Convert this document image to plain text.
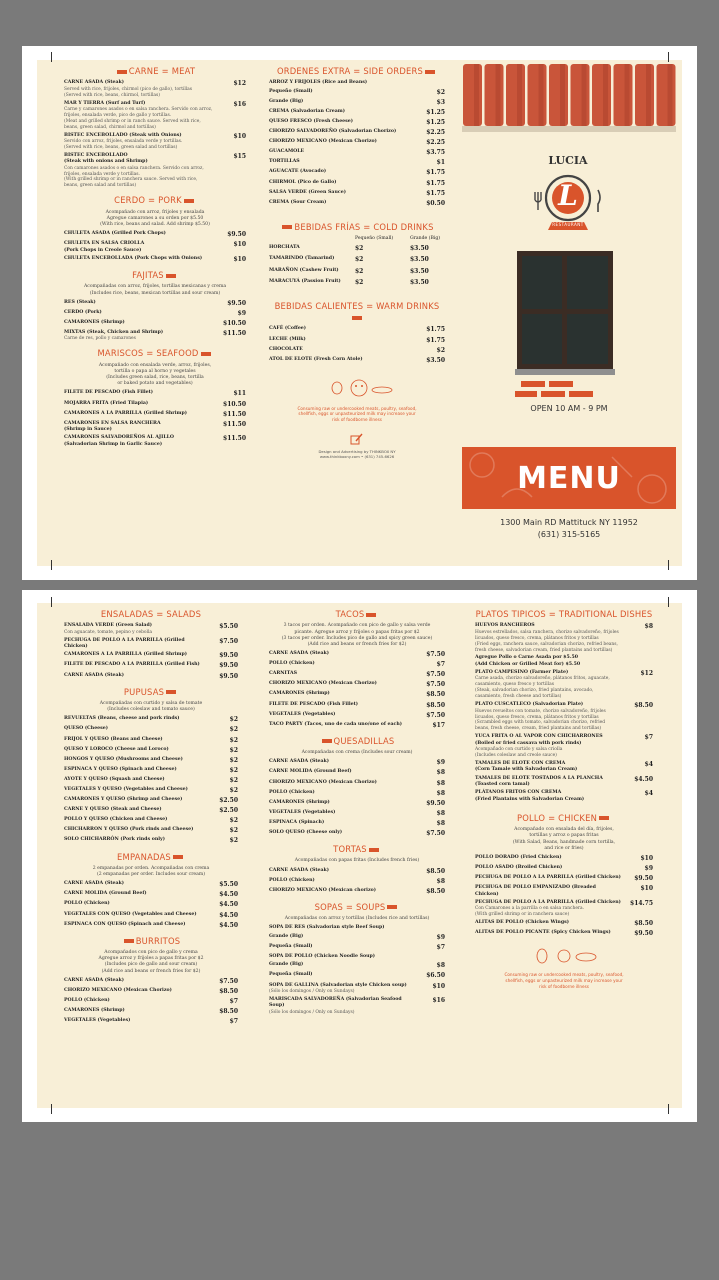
CARNE = MEAT
CARNE ASADA (Steak)
Served with rice, frijoles, chirmol (pico de gallo), tortillas
(Served with rice, beans, chirmol, tortillas)
$12
MAR Y TIERRA (Surf and Turf)
Carne y camarones asados o en salsa ranchera. Servido con arroz, frijoles, ensalada verde, pico de gallo y tortillas.
(Meat and grilled shrimp or in ranch sauce. Served with rice, beans, green salad, chirmol and tortillas)
$16
BISTEC ENCEBOLLADO (Steak with Onions)
Servido con arroz, frijoles, ensalada verde y tortillas.
(Served with rice, beans, green salad and tortillas)
$10
BISTEC ENCEBOLLADO
(Steak with onions and Shrimp)
Con camarones asados o en salsa ranchera. Servido con arroz, frijoles, ensalada verde y tortillas.
(With grilled shrimp or in ranchera sauce. Served with rice, beans, green salad and tortillas)
$15
CERDO = PORK
Acompañado con arroz, frijoles y ensalada
Agregue camarones a su orden por $5.50
(With rice, beans and salad. Add shrimp $5.50)
CHULETA ASADA (Grilled Pork Chops)	$9.50
CHULETA EN SALSA CRIOLLA
(Pork Chops in Creole Sauce)
$10
CHULETA ENCEBOLLADA (Pork Chops with Onions)	$10
FAJITAS
Acompañadas con arroz, frijoles, tortillas mexicanas y crema
(Includes rice, beans, mexican tortillas and sour cream)
RES (Steak)	$9.50
CERDO (Pork)	$9
CAMARONES (Shrimp)	$10.50
MIXTAS (Steak, Chicken and Shrimp)
Carne de res, pollo y camarones
$11.50
MARISCOS = SEAFOOD
Acompañado con ensalada verde, arroz, frijoles,
tortilla o papa al horno y vegetales
(Includes green salad, rice, beans, tortilla
or baked potato and vegetables)
FILETE DE PESCADO (Fish Fillet)	$11
MOJARRA FRITA (Fried Tilapia)	$10.50
CAMARONES A LA PARRILLA (Grilled Shrimp)	$11.50
CAMARONES EN SALSA RANCHERA
(Shrimp in Sauce)
$11.50
CAMARONES SALVADOREÑOS AL AJILLO
(Salvadorian Shrimp in Garlic Sauce)
$11.50
ORDENES EXTRA = SIDE ORDERS
ARROZ Y FRIJOLES (Rice and Beans)
Pequeño (Small)	$2
Grande (Big)	$3
CREMA (Salvadorian Cream)	$1.25
QUESO FRESCO (Fresh Cheese)	$1.25
CHORIZO SALVADOREÑO (Salvadorian Chorizo)	$2.25
CHORIZO MEXICANO (Mexican Chorizo)	$2.25
GUACAMOLE	$3.75
TORTILLAS	$1
AGUACATE (Avocado)	$1.75
CHIRMOL (Pico de Gallo)	$1.75
SALSA VERDE (Green Sauce)	$1.75
CREMA (Sour Cream)	$0.50
BEBIDAS FRÍAS = COLD DRINKS
Pequeño (Small)	Grande (Big)
HORCHATA	$2	$3.50
TAMARINDO (Tamarind)	$2	$3.50
MARAÑON (Cashew Fruit)	$2	$3.50
MARACUYÁ (Passion Fruit)	$2	$3.50
BEBIDAS CALIENTES = WARM DRINKS
CAFÉ (Coffee)	$1.75
LECHE (Milk)	$1.75
CHOCOLATE	$2
ATOL DE ELOTE (Fresh Corn Atole)	$3.50
Consuming raw or undercooked meats, poultry, seafood,
shellfish, eggs or unpasteurized milk may increase your
risk of foodborne illness
Design and Advertising by THINKBOX NY
www.thinkboxny.com • (631) 745-6626
LUCIA
L
RESTAURANT
OPEN 10 AM - 9 PM
MENU
1300 Main RD Mattituck NY 11952
(631) 315-5165
ENSALADAS = SALADS
ENSALADA VERDE (Green Salad)
Con aguacate, tomate, pepino y cebolla
$5.50
PECHUGA DE POLLO A LA PARRILLA (Grilled Chicken)
$7.50
CAMARONES A LA PARRILLA (Grilled Shrimp)	$9.50
FILETE DE PESCADO A LA PARRILLA (Grilled Fish)	$9.50
CARNE ASADA (Steak)	$9.50
PUPUSAS
Acompañadas con curtido y salsa de tomate
(Includes coleslaw and tomato sauce)
REVUELTAS (Beans, cheese and pork rinds)	$2
QUESO (Cheese)	$2
FRIJOL Y QUESO (Beans and Cheese)	$2
QUESO Y LOROCO (Cheese and Loroco)	$2
HONGOS Y QUESO (Mushrooms and Cheese)	$2
ESPINACA Y QUESO (Spinach and Cheese)	$2
AYOTE Y QUESO (Squash and Cheese)	$2
VEGETALES Y QUESO (Vegetables and Cheese)	$2
CAMARONES Y QUESO (Shrimp and Cheese)	$2.50
CARNE Y QUESO (Steak and Cheese)	$2.50
POLLO Y QUESO (Chicken and Cheese)	$2
CHICHARRON Y QUESO (Pork rinds and Cheese)	$2
SOLO CHICHARRÓN (Pork rinds only)	$2
EMPANADAS
2 empanadas por orden. Acompañadas con crema
(2 empanadas per order. Includes sour cream)
CARNE ASADA (Steak)	$5.50
CARNE MOLIDA (Ground Beef)	$4.50
POLLO (Chicken)	$4.50
VEGETALES CON QUESO (Vegetables and Cheese)	$4.50
ESPINACA CON QUESO (Spinach and Cheese)	$4.50
BURRITOS
Acompañados con pico de gallo y crema
Agregue arroz y frijoles a papas fritas por $2
(Includes pico de gallo and sour cream)
(Add rice and beans or french fries for $2)
CARNE ASADA (Steak)	$7.50
CHORIZO MEXICANO (Mexican Chorizo)	$8.50
POLLO (Chicken)	$7
CAMARONES (Shrimp)	$8.50
VEGETALES (Vegetables)	$7
TACOS
3 tacos por orden. Acompañado con pico de gallo y salsa verde
picante. Agregue arroz y frijoles o papas fritas por $2
(3 tacos per order. Includes pico de gallo and spicy green sauce)
(Add rice and beans or french fries for $2)
CARNE ASADA (Steak)	$7.50
POLLO (Chicken)	$7
CARNITAS	$7.50
CHORIZO MEXICANO (Mexican Chorizo)	$7.50
CAMARONES (Shrimp)	$8.50
FILETE DE PESCADO (Fish Fillet)	$8.50
VEGETALES (Vegetables)	$7.50
TACO PARTY (Tacos, uno de cada uno/one of each)	$17
QUESADILLAS
Acompañadas con crema (Includes sour cream)
CARNE ASADA (Steak)	$9
CARNE MOLIDA (Ground Beef)	$8
CHORIZO MEXICANO (Mexican Chorizo)	$8
POLLO (Chicken)	$8
CAMARONES (Shrimp)	$9.50
VEGETALES (Vegetables)	$8
ESPINACA (Spinach)	$8
SOLO QUESO (Cheese only)	$7.50
TORTAS
Acompañadas con papas fritas (Includes french fries)
CARNE ASADA (Steak)	$8.50
POLLO (Chicken)	$8
CHORIZO MEXICANO (Mexican chorizo)	$8.50
SOPAS = SOUPS
Acompañadas con arroz y tortillas (Includes rice and tortillas)
SOPA DE RES (Salvadorian style Beef Soup)
Grande (Big)	$9
Pequeña (Small)	$7
SOPA DE POLLO (Chicken Noodle Soup)
Grande (Big)	$8
Pequeña (Small)	$6.50
SOPA DE GALLINA (Salvadorian style Chicken soup)
(Sólo los domingos / Only on Sundays)
$10
MARISCADA SALVADOREÑA (Salvadorian Seafood Soup)
(Sólo los domingos / Only on Sundays)
$16
PLATOS TIPICOS = TRADITIONAL DISHES
HUEVOS RANCHEROS
Huevos estrellados, salsa ranchera, chorizo salvadoreño, frijoles licuados, queso fresco, crema, plátanos fritos y tortillas
(Fried eggs, ranchera sauce, salvadorian chorizo, refried beans, fresh cheese, salvadorian cream, fried plantains and tortillas)
$8
Agregue Pollo o Carne Asada por $5.50
(Add Chicken or Grilled Meat for) $5.50
PLATO CAMPESINO (Farmer Plate)
Carne asada, chorizo salvadoreño, plátanos fritos, aguacate, casamiento, queso fresco y tortillas
(Steak, salvadorian chorizo, fried plantains, avocado, casamiento, fresh cheese and tortillas)
$12
PLATO CUSCATLECO (Salvadorian Plate)
Huevos revueltos con tomate, chorizo salvadoreño, frijoles licuados, queso fresco, crema, plátanos fritos y tortillas
(Scrambled eggs with tomato, salvadorian chorizo, refried beans, fresh cheese, cream, fried plantains and tortillas)
$8.50
YUCA FRITA O AL VAPOR CON CHICHARRONES
(Boiled or fried cassava with pork rinds)
Acompañado con curtido y salsa criolla
(Includes coleslaw and creole sauce)
$7
TAMALES DE ELOTE CON CREMA
(Corn Tamale with Salvadorian Cream)
$4
TAMALES DE ELOTE TOSTADOS A LA PLANCHA
(Toasted corn tamal)
$4.50
PLÁTANOS FRITOS CON CREMA
(Fried Plantains with Salvadorian Cream)
$4
POLLO = CHICKEN
Acompañado con ensalada del día, frijoles,
tortillas y arroz o papas fritas
(With Salad, Beans, handmade corn tortilla,
and rice or fries)
POLLO DORADO (Fried Chicken)	$10
POLLO ASADO (Broiled Chicken)	$9
PECHUGA DE POLLO A LA PARRILLA (Grilled Chicken) $9.50
PECHUGA DE POLLO EMPANIZADO (Breaded Chicken)
$10
PECHUGA DE POLLO A LA PARRILLA (Grilled Chicken)
Con Camarones a la parrilla o en salsa ranchera.
(With grilled shrimp or in ranchera sauce)
$14.75
ALITAS DE POLLO (Chicken Wings)	$8.50
ALITAS DE POLLO PICANTE (Spicy Chicken Wings)	$9.50
Consuming raw or undercooked meats, poultry, seafood,
shellfish, eggs or unpasteurized milk may increase your
risk of foodborne illness
